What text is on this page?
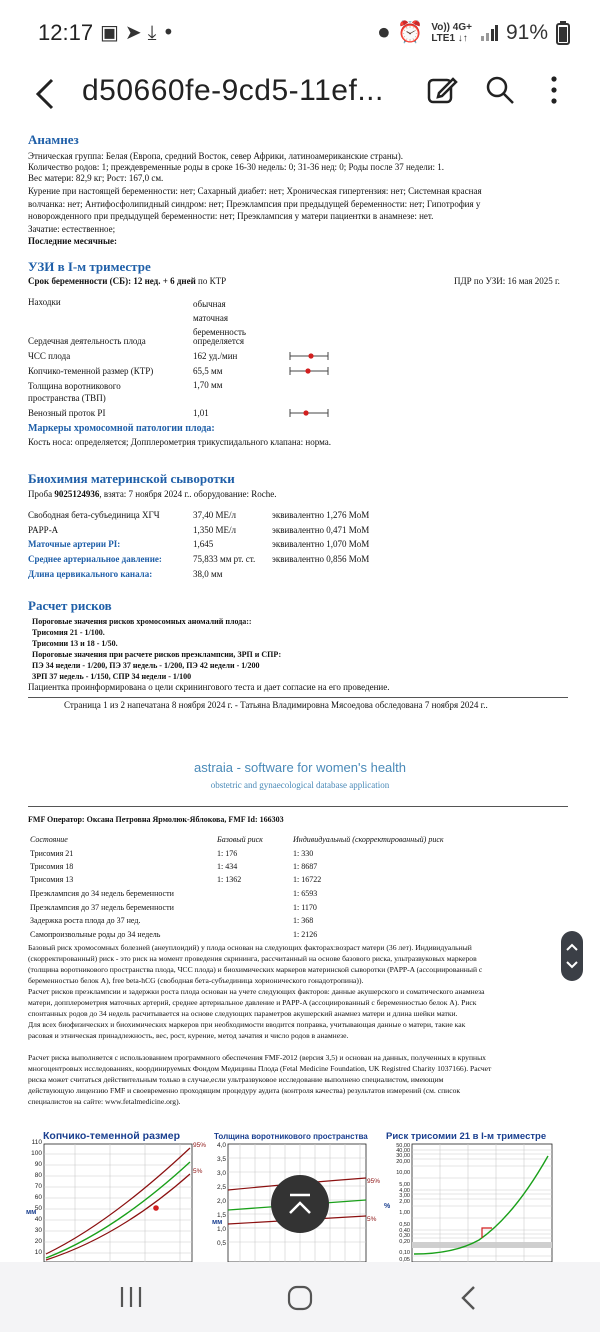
12:17 ▣➤⤓•	⏺ ⏰ Vo)) 4G+
LTE1 ↓↑ 91%
d50660fe-9cd5-11ef...
Анамнез
Этническая группа: Белая (Европа, средний Восток, север Африки, латиноамериканские страны).
Количество родов: 1; преждевременные роды в сроке 16-30 недель: 0; 31-36 нед: 0; Роды после 37 недели: 1.
Вес матери: 82,9 кг; Рост: 167,0 см.
Курение при настоящей беременности: нет; Сахарный диабет: нет; Хроническая гипертензия: нет; Системная красная
волчанка: нет; Антифосфолипидный синдром: нет; Преэклампсия при предыдущей беременности: нет; Гипотрофия у
новорожденного при предыдущей беременности: нет; Преэклампсия у матери пациентки в анамнезе: нет.
Зачатие: естественное;
Последние месячные:
УЗИ в I-м триместре
Срок беременности (СБ): 12 нед. + 6 дней по КТР	ПДР по УЗИ: 16 мая 2025 г.
Находки	обычная
маточная
беременность
Сердечная деятельность плода	определяется
ЧСС плода	162 уд./мин
Копчико-теменной размер (КТР)	65,5 мм
Толщина воротникового
пространства (ТВП)
1,70 мм
Венозный проток PI	1,01
Маркеры хромосомной патологии плода:
Кость носа: определяется; Допплерометрия трикуспидального клапана: норма.
Биохимия материнской сыворотки
Проба 9025124936, взята: 7 ноября 2024 г.. оборудование: Roche.
Свободная бета-субъединица ХГЧ	37,40 МЕ/л	эквивалентно 1,276 MoM
PAPP-A	1,350 МЕ/л	эквивалентно 0,471 MoM
Маточные артерии PI:	1,645	эквивалентно 1,070 MoM
Среднее артериальное давление:	75,833 мм рт. ст. эквивалентно 0,856 MoM
Длина цервикального канала:	38,0 мм
Расчет рисков
Пороговые значения рисков хромосомных аномалий плода::
Трисомия 21 - 1/100.
Трисомии 13 и 18 - 1/50.
Пороговые значения при расчете рисков преэклампсии, ЗРП и СПР:
ПЭ 34 недели - 1/200, ПЭ 37 недель - 1/200, ПЭ 42 недели - 1/200
ЗРП 37 недель - 1/150, СПР 34 недели - 1/100
Пациентка проинформирована о цели скринингового теста и дает согласие на его проведение.
Страница 1 из 2 напечатана 8 ноября 2024 г. - Татьяна Владимировна Мясоедова обследована 7 ноября 2024 г..
astraia - software for women's health
obstetric and gynaecological database application
FMF Оператор: Оксана Петровна Ярмолюк-Яблокова, FMF Id: 166303
Состояние	Базовый риск	Индивидуальный (скорректированный) риск
Трисомия 21	1: 176	1: 330
Трисомия 18	1: 434	1: 8687
Трисомия 13	1: 1362	1: 16722
Преэклампсия до 34 недель беременности	1: 6593
Преэклампсия до 37 недель беременности	1: 1170
Задержка роста плода до 37 нед.	1: 368
Самопроизвольные роды до 34 недель	1: 2126
Базовый риск хромосомных болезней (анеуплоидий) у плода основан на следующих факторах:возраст матери (36 лет). Индивидуальный
(скорректированный) риск - это риск на момент проведения скрининга, рассчитанный на основе базового риска, ультразвуковых маркеров
(толщина воротникового пространства плода, ЧСС плода) и биохимических маркеров материнской сыворотки (PAPP-A (ассоциированный с
беременностью белок А), free beta-hCG (свободная бета-субъединица хорионического гонадотропина)).
Расчет рисков преэклампсии и задержки роста плода основан на учете следующих факторов: данные акушерского и соматического анамнеза
матери, допплерометрия маточных артерий, среднее артериальное давление и PAPP-A (ассоциированный с беременностью белок А). Риск
спонтанных родов до 34 недель расчитывается на основе следующих параметров акушерский анамнез матери и длина шейки матки.
Для всех биофизических и биохимических маркеров при необходимости вводится поправка, учитывающая данные о матери, такие как
расовая и этническая принадлежность, вес, рост, курение, метод зачатия и число родов в анамнезе.
Расчет риска выполняется с использованием программного обеспечения FMF-2012 (версия 3,5) и основан на данных, полученных в крупных
многоцентровых исследованиях, координируемых Фондом Медицины Плода (Fetal Medicine Foundation, UK Registred Charity 1037166). Расчет
риска может считаться действительным только в случае,если ультразвуковое исследование выполнено специалистом, имеющим
действующую лицензию FMF и своевременно проходящим процедуру аудита (контроля качества) результатов измерений (см. список
специалистов на сайте: www.fetalmedicine.org).
Копчико-теменной размер
110
100
90
80
70
60
50
40
30
20
10
мм
95%
5%
Толщина воротникового пространства
4,0
3,5
3,0
2,5
2,0
1,5
1,0
0,5
мм
95%
5%
Риск трисомии 21 в I-м триместре
50,00
40,00
30,00
20,00
10,00
5,00
4,00
3,00
2,00
1,00
0,50
0,40
0,30
0,20
0,10
0,05
%
